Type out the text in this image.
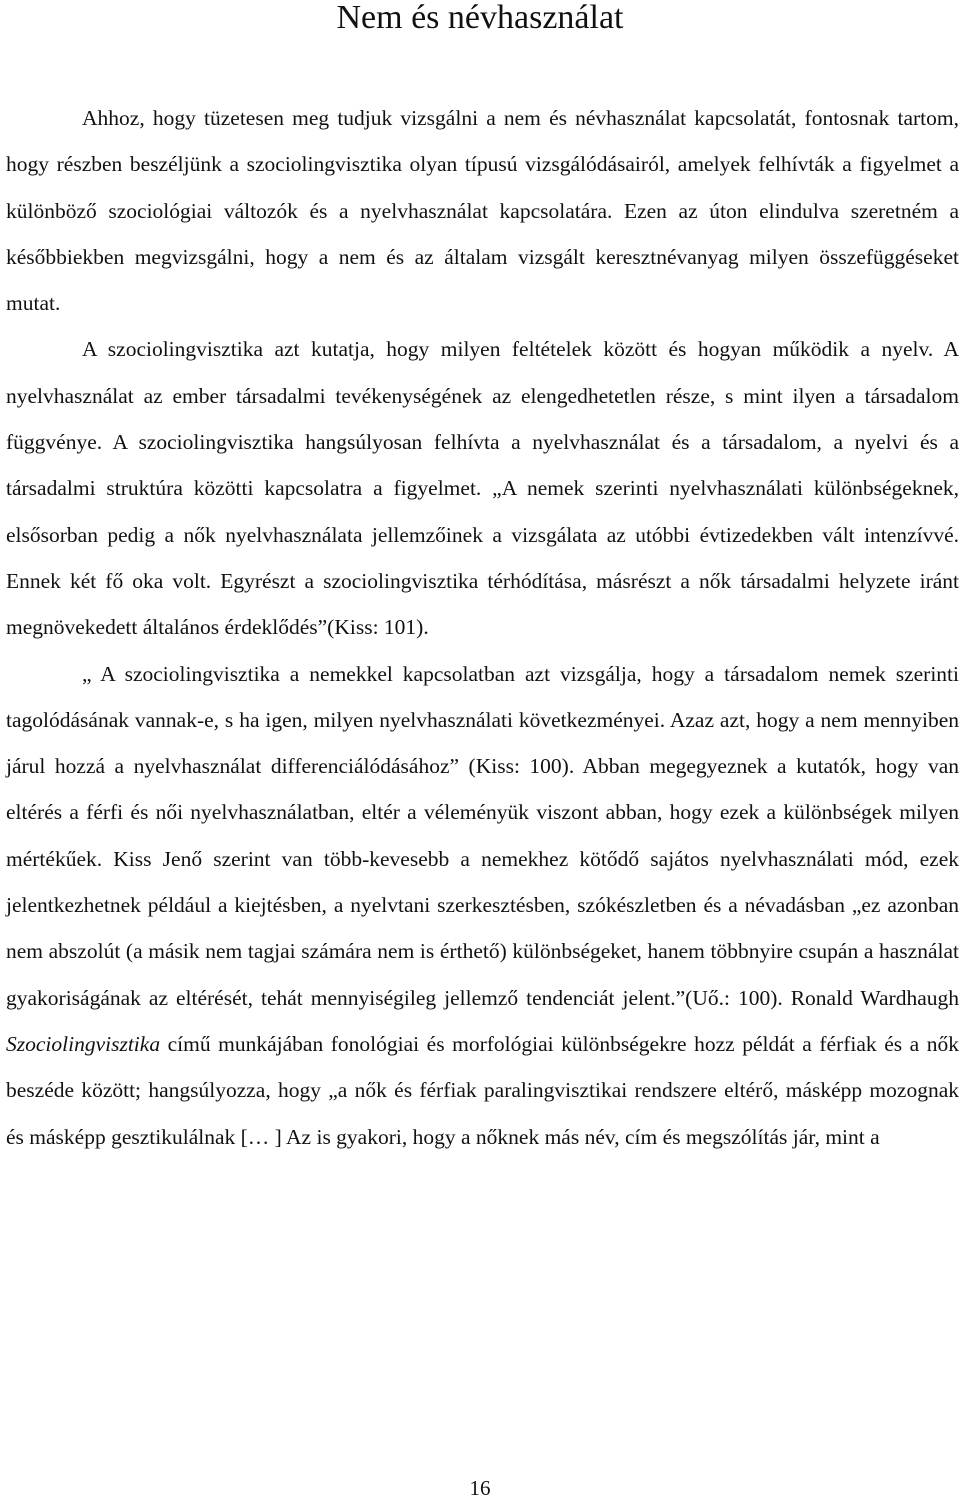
Nem és névhasználat

Ahhoz, hogy tüzetesen meg tudjuk vizsgálni a nem és névhasználat kapcsolatát, fontosnak tartom, hogy részben beszéljünk a szociolingvisztika olyan típusú vizsgálódásairól, amelyek felhívták a figyelmet a különböző szociológiai változók és a nyelvhasználat kapcsolatára. Ezen az úton elindulva szeretném a későbbiekben megvizsgálni, hogy a nem és az általam vizsgált keresztnévanyag milyen összefüggéseket mutat.

A szociolingvisztika azt kutatja, hogy milyen feltételek között és hogyan működik a nyelv. A nyelvhasználat az ember társadalmi tevékenységének az elengedhetetlen része, s mint ilyen a társadalom függvénye. A szociolingvisztika hangsúlyosan felhívta a nyelvhasználat és a társadalom, a nyelvi és a társadalmi struktúra közötti kapcsolatra a figyelmet. „A nemek szerinti nyelvhasználati különbségeknek, elsősorban pedig a nők nyelvhasználata jellemzőinek a vizsgálata az utóbbi évtizedekben vált intenzívvé. Ennek két fő oka volt. Egyrészt a szociolingvisztika térhódítása, másrészt a nők társadalmi helyzete iránt megnövekedett általános érdeklődés”(Kiss: 101).

„ A szociolingvisztika a nemekkel kapcsolatban azt vizsgálja, hogy a társadalom nemek szerinti tagolódásának vannak-e, s ha igen, milyen nyelvhasználati következményei. Azaz azt, hogy a nem mennyiben járul hozzá a nyelvhasználat differenciálódásához” (Kiss: 100). Abban megegyeznek a kutatók, hogy van eltérés a férfi és női nyelvhasználatban, eltér a véleményük viszont abban, hogy ezek a különbségek milyen mértékűek. Kiss Jenő szerint van több-kevesebb a nemekhez kötődő sajátos nyelvhasználati mód, ezek jelentkezhetnek például a kiejtésben, a nyelvtani szerkesztésben, szókészletben és a névadásban „ez azonban nem abszolút (a másik nem tagjai számára nem is érthető) különbségeket, hanem többnyire csupán a használat gyakoriságának az eltérését, tehát mennyiségileg jellemző tendenciát jelent.”(Uő.: 100). Ronald Wardhaugh Szociolingvisztika című munkájában fonológiai és morfológiai különbségekre hozz példát a férfiak és a nők beszéde között; hangsúlyozza, hogy „a nők és férfiak paralingvisztikai rendszere eltérő, másképp mozognak és másképp gesztikulálnak [… ] Az is gyakori, hogy a nőknek más név, cím és megszólítás jár, mint a

16
